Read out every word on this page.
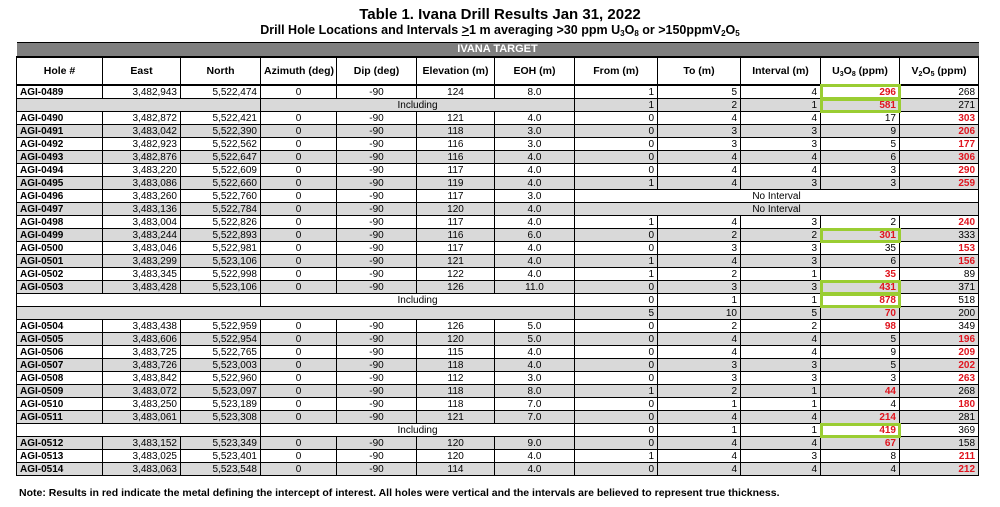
Table 1. Ivana Drill Results Jan 31, 2022
Drill Hole Locations and Intervals >1 m averaging >30 ppm $U_3O_8$ or $>150ppmV_2O_5$
IVANA TARGET											
Hole #	East	North	Azimuth (deg)	Dip (deg)	Elevation (m)	EOH (m)	From (m)	To (m)	Interval (m)	$U_3O_8$ (ppm)	$V_2O_5$ (ppm)
AGI-0489	3,482,943	5,522,474	0	-90	124	8.0	1	5	4	296	268
			Including				1	2	1	581	271
AGI-0490	3,482,872	5,522,421	0	-90	121	4.0	0	4	4	17	303
AGI-0491	3,483,042	5,522,390	0	-90	118	3.0	0	3	3	9	206
AGI-0492	3,482,923	5,522,562	0	-90	116	3.0	0	3	3	5	177
AGI-0493	3,482,876	5,522,647	0	-90	116	4.0	0	4	4	6	306
AGI-0494	3,483,220	5,522,609	0	-90	117	4.0	0	4	4	3	290
AGI-0495	3,483,086	5,522,660	0	-90	119	4.0	1	4	3	3	259
AGI-0496	3,483,260	5,522,760	0	-90	117	3.0	No Interval				
AGI-0497	3,483,136	5,522,784	0	-90	120	4.0	No Interval				
AGI-0498	3,483,004	5,522,826	0	-90	117	4.0	1	4	3	2	240
AGI-0499	3,483,244	5,522,893	0	-90	116	6.0	0	2	2	301	333
AGI-0500	3,483,046	5,522,981	0	-90	117	4.0	0	3	3	35	153
AGI-0501	3,483,299	5,523,106	0	-90	121	4.0	1	4	3	6	156
AGI-0502	3,483,345	5,522,998	0	-90	122	4.0	1	2	1	35	89
AGI-0503	3,483,428	5,523,106	0	-90	126	11.0	0	3	3	431	371
			Including				0	1	1	878	518
							5	10	5	70	200
AGI-0504	3,483,438	5,522,959	0	-90	126	5.0	0	2	2	98	349
AGI-0505	3,483,606	5,522,954	0	-90	120	5.0	0	4	4	5	196
AGI-0506	3,483,725	5,522,765	0	-90	115	4.0	0	4	4	9	209
AGI-0507	3,483,726	5,523,003	0	-90	118	4.0	0	3	3	5	202
AGI-0508	3,483,842	5,522,960	0	-90	112	3.0	0	3	3	3	263
AGI-0509	3,483,072	5,523,097	0	-90	118	8.0	1	2	1	44	268
AGI-0510	3,483,250	5,523,189	0	-90	118	7.0	0	1	1	4	180
AGI-0511	3,483,061	5,523,308	0	-90	121	7.0	0	4	4	214	281
			Including				0	1	1	419	369
AGI-0512	3,483,152	5,523,349	0	-90	120	9.0	0	4	4	67	158
AGI-0513	3,483,025	5,523,401	0	-90	120	4.0	1	4	3	8	211
AGI-0514	3,483,063	5,523,548	0	-90	114	4.0	0	4	4	4	212
Note: Results in red indicate the metal defining the intercept of interest. All holes were vertical and the intervals are believed to represent true thickness.
